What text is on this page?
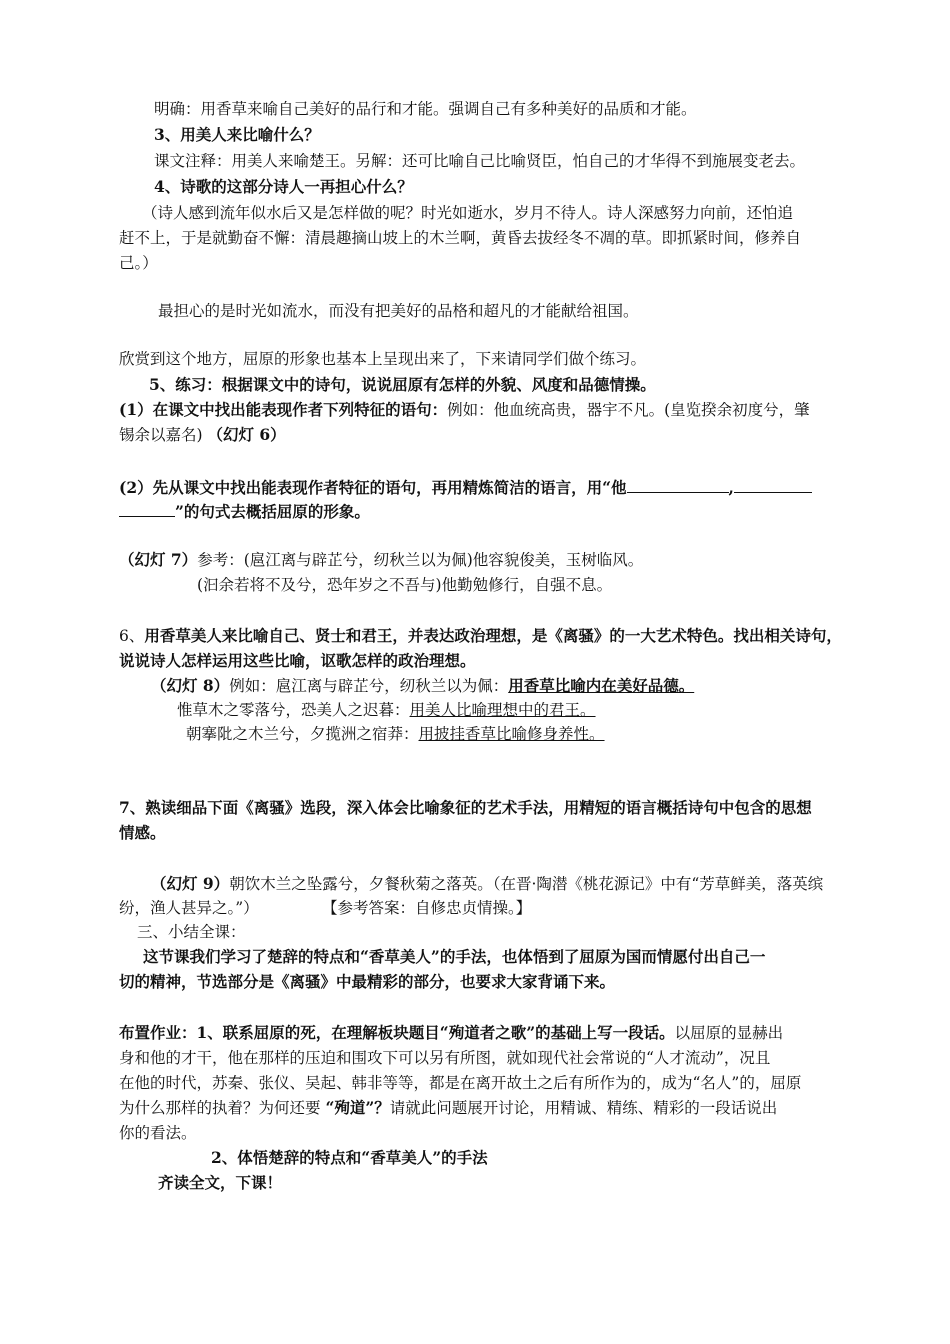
明确：用香草来喻自己美好的品行和才能。强调自己有多种美好的品质和才能。
3、用美人来比喻什么？
课文注释：用美人来喻楚王。另解：还可比喻自己比喻贤臣，怕自己的才华得不到施展变老去。
4、诗歌的这部分诗人一再担心什么？
（诗人感到流年似水后又是怎样做的呢？时光如逝水，岁月不待人。诗人深感努力向前，还怕追
赶不上，于是就勤奋不懈：清晨趣摘山坡上的木兰啊，黄昏去拔经冬不凋的草。即抓紧时间，修养自
己。）
最担心的是时光如流水，而没有把美好的品格和超凡的才能献给祖国。
欣赏到这个地方，屈原的形象也基本上呈现出来了，下来请同学们做个练习。
5、练习：根据课文中的诗句，说说屈原有怎样的外貌、风度和品德情操。
(1）在课文中找出能表现作者下列特征的语句：例如：他血统高贵，器宇不凡。(皇览揆余初度兮，肇
锡余以嘉名) （幻灯 6）
(2）先从课文中找出能表现作者特征的语句，再用精炼简洁的语言，用“他	,
”的句式去概括屈原的形象。
（幻灯 7）参考：(扈江离与辟芷兮，纫秋兰以为佩)他容貌俊美，玉树临风。
(汩余若将不及兮，恐年岁之不吾与)他勤勉修行，自强不息。
6、用香草美人来比喻自己、贤士和君王，并表达政治理想，是《离骚》的一大艺术特色。找出相关诗句，
说说诗人怎样运用这些比喻，讴歌怎样的政治理想。
（幻灯 8）例如：扈江离与辟芷兮，纫秋兰以为佩：用香草比喻内在美好品德。
惟草木之零落兮，恐美人之迟暮：用美人比喻理想中的君王。
朝搴阰之木兰兮，夕揽洲之宿莽：用披挂香草比喻修身养性。
7、熟读细品下面《离骚》选段，深入体会比喻象征的艺术手法，用精短的语言概括诗句中包含的思想
情感。
（幻灯 9）朝饮木兰之坠露兮，夕餐秋菊之落英。（在晋·陶潜《桃花源记》中有“芳草鲜美，落英缤
纷，渔人甚异之。”）	【参考答案：自修忠贞情操。】
三、小结全课：
这节课我们学习了楚辞的特点和“香草美人”的手法，也体悟到了屈原为国而情愿付出自己一
切的精神，节选部分是《离骚》中最精彩的部分，也要求大家背诵下来。
布置作业：1、联系屈原的死，在理解板块题目“殉道者之歌”的基础上写一段话。以屈原的显赫出
身和他的才干，他在那样的压迫和围攻下可以另有所图，就如现代社会常说的“人才流动”，况且
在他的时代，苏秦、张仪、吴起、韩非等等，都是在离开故土之后有所作为的，成为“名人”的，屈原
为什么那样的执着？为何还要 “殉道”？请就此问题展开讨论，用精诚、精练、精彩的一段话说出
你的看法。
2、体悟楚辞的特点和“香草美人”的手法
齐读全文，下课！
